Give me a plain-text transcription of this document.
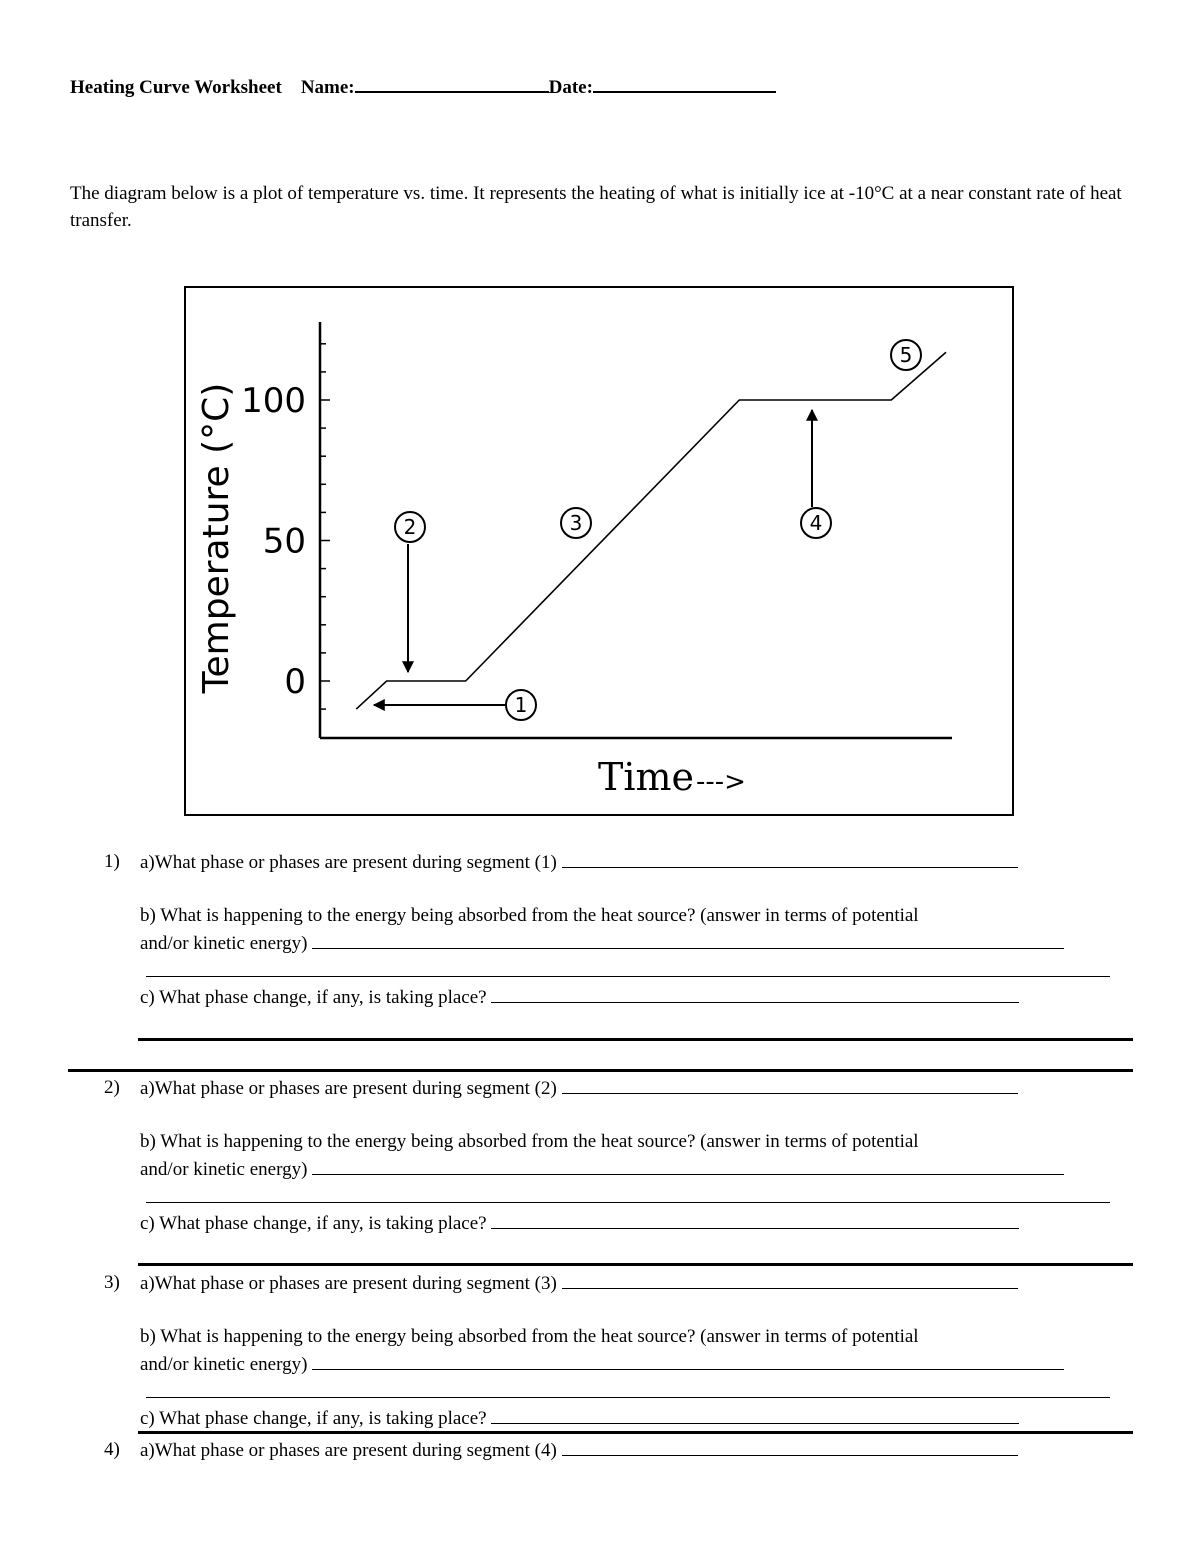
Heating Curve Worksheet Name:	Date:
The diagram below is a plot of temperature vs. time. It represents the heating of what is initially ice at -10°C at a near constant rate of heat transfer.
0
50
100
Temperature (°C)
Time --->
1
2	3	4
5
1) a)What phase or phases are present during segment (1)
b) What is happening to the energy being absorbed from the heat source? (answer in terms of potential
and/or kinetic energy)
c) What phase change, if any, is taking place?
2) a)What phase or phases are present during segment (2)
b) What is happening to the energy being absorbed from the heat source? (answer in terms of potential
and/or kinetic energy)
c) What phase change, if any, is taking place?
3) a)What phase or phases are present during segment (3)
b) What is happening to the energy being absorbed from the heat source? (answer in terms of potential
and/or kinetic energy)
c) What phase change, if any, is taking place?
4) a)What phase or phases are present during segment (4)
